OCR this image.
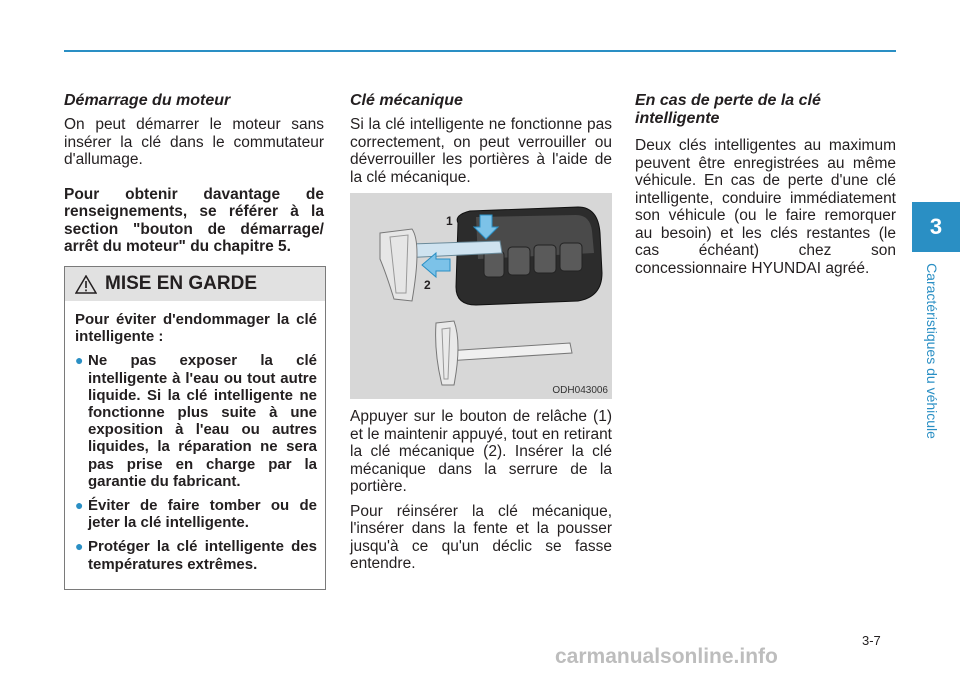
Démarrage du moteur

On peut démarrer le moteur sans insérer la clé dans le commutateur d'allumage.

Pour obtenir davantage de renseignements, se référer à la section "bouton de démarrage/ arrêt du moteur" du chapitre 5.

MISE EN GARDE

Pour éviter d'endommager la clé intelligente :

● Ne pas exposer la clé intelligente à l'eau ou tout autre liquide. Si la clé intelligente ne fonctionne plus suite à une exposition à l'eau ou autres liquides, la réparation ne sera pas prise en charge par la garantie du fabricant.
● Éviter de faire tomber ou de jeter la clé intelligente.
● Protéger la clé intelligente des températures extrêmes.
Clé mécanique

Si la clé intelligente ne fonctionne pas correctement, on peut verrouiller ou déverrouiller les portières à l'aide de la clé mécanique.

1
2
ODH043006

Appuyer sur le bouton de relâche (1) et le maintenir appuyé, tout en retirant la clé mécanique (2). Insérer la clé mécanique dans la serrure de la portière.

Pour réinsérer la clé mécanique, l'insérer dans la fente et la pousser jusqu'à ce qu'un déclic se fasse entendre.

En cas de perte de la clé intelligente

Deux clés intelligentes au maximum peuvent être enregistrées au même véhicule. En cas de perte d'une clé intelligente, conduire immédiatement son véhicule (ou le faire remorquer au besoin) et les clés restantes (le cas échéant) chez son concessionnaire HYUNDAI agréé.

3
Caractéristiques du véhicule
3-7
carmanualsonline.info
